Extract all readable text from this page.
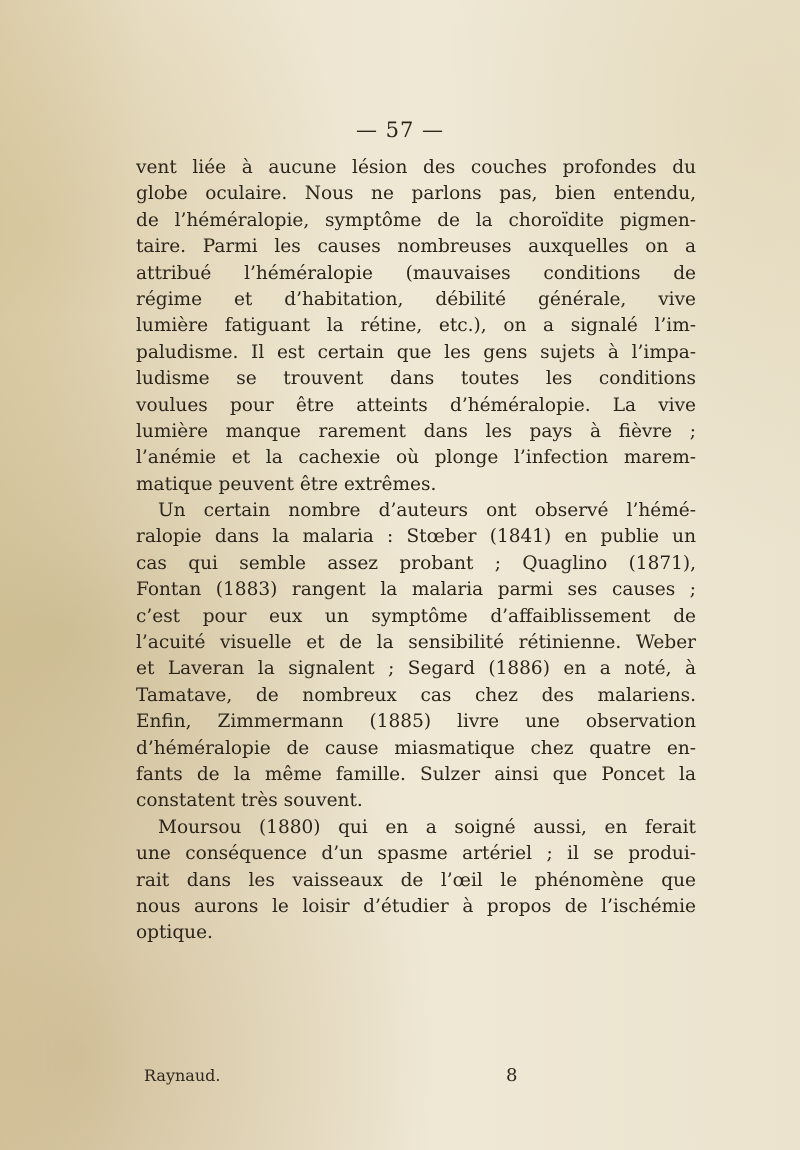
— 57 —
vent liée à aucune lésion des couches profondes du
globe oculaire. Nous ne parlons pas, bien entendu,
de l’héméralopie, symptôme de la choroïdite pigmen-
taire. Parmi les causes nombreuses auxquelles on a
attribué l’héméralopie (mauvaises conditions de
régime et d’habitation, débilité générale, vive
lumière fatiguant la rétine, etc.), on a signalé l’im-
paludisme. Il est certain que les gens sujets à l’impa-
ludisme se trouvent dans toutes les conditions
voulues pour être atteints d’héméralopie. La vive
lumière manque rarement dans les pays à fièvre ;
l’anémie et la cachexie où plonge l’infection marem-
matique peuvent être extrêmes.
Un certain nombre d’auteurs ont observé l’hémé-
ralopie dans la malaria : Stœber (1841) en publie un
cas qui semble assez probant ; Quaglino (1871),
Fontan (1883) rangent la malaria parmi ses causes ;
c’est pour eux un symptôme d’affaiblissement de
l’acuité visuelle et de la sensibilité rétinienne. Weber
et Laveran la signalent ; Segard (1886) en a noté, à
Tamatave, de nombreux cas chez des malariens.
Enfin, Zimmermann (1885) livre une observation
d’héméralopie de cause miasmatique chez quatre en-
fants de la même famille. Sulzer ainsi que Poncet la
constatent très souvent.
Moursou (1880) qui en a soigné aussi, en ferait
une conséquence d’un spasme artériel ; il se produi-
rait dans les vaisseaux de l’œil le phénomène que
nous aurons le loisir d’étudier à propos de l’ischémie
optique.
Raynaud.	8
